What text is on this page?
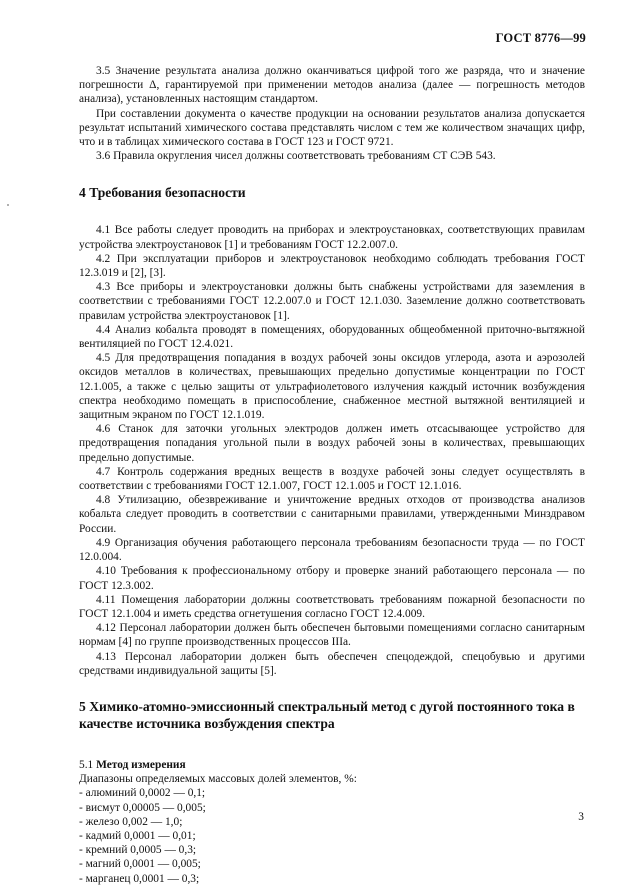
ГОСТ 8776—99

3.5 Значение результата анализа должно оканчиваться цифрой того же разряда, что и значение погрешности Δ, гарантируемой при применении методов анализа (далее — погрешность методов анализа), установленных настоящим стандартом.

При составлении документа о качестве продукции на основании результатов анализа допускается результат испытаний химического состава представлять числом с тем же количеством значащих цифр, что и в таблицах химического состава в ГОСТ 123 и ГОСТ 9721.

3.6 Правила округления чисел должны соответствовать требованиям СТ СЭВ 543.

4 Требования безопасности

4.1 Все работы следует проводить на приборах и электроустановках, соответствующих правилам устройства электроустановок [1] и требованиям ГОСТ 12.2.007.0.

4.2 При эксплуатации приборов и электроустановок необходимо соблюдать требования ГОСТ 12.3.019 и [2], [3].

4.3 Все приборы и электроустановки должны быть снабжены устройствами для заземления в соответствии с требованиями ГОСТ 12.2.007.0 и ГОСТ 12.1.030. Заземление должно соответствовать правилам устройства электроустановок [1].

4.4 Анализ кобальта проводят в помещениях, оборудованных общеобменной приточно-вытяжной вентиляцией по ГОСТ 12.4.021.

4.5 Для предотвращения попадания в воздух рабочей зоны оксидов углерода, азота и аэрозолей оксидов металлов в количествах, превышающих предельно допустимые концентрации по ГОСТ 12.1.005, а также с целью защиты от ультрафиолетового излучения каждый источник возбуждения спектра необходимо помещать в приспособление, снабженное местной вытяжной вентиляцией и защитным экраном по ГОСТ 12.1.019.

4.6 Станок для заточки угольных электродов должен иметь отсасывающее устройство для предотвращения попадания угольной пыли в воздух рабочей зоны в количествах, превышающих предельно допустимые.

4.7 Контроль содержания вредных веществ в воздухе рабочей зоны следует осуществлять в соответствии с требованиями ГОСТ 12.1.007, ГОСТ 12.1.005 и ГОСТ 12.1.016.

4.8 Утилизацию, обезвреживание и уничтожение вредных отходов от производства анализов кобальта следует проводить в соответствии с санитарными правилами, утвержденными Минздравом России.

4.9 Организация обучения работающего персонала требованиям безопасности труда — по ГОСТ 12.0.004.

4.10 Требования к профессиональному отбору и проверке знаний работающего персонала — по ГОСТ 12.3.002.

4.11 Помещения лаборатории должны соответствовать требованиям пожарной безопасности по ГОСТ 12.1.004 и иметь средства огнетушения согласно ГОСТ 12.4.009.

4.12 Персонал лаборатории должен быть обеспечен бытовыми помещениями согласно санитарным нормам [4] по группе производственных процессов IIIа.

4.13 Персонал лаборатории должен быть обеспечен спецодеждой, спецобувью и другими средствами индивидуальной защиты [5].

5 Химико-атомно-эмиссионный спектральный метод с дугой постоянного тока в качестве источника возбуждения спектра

5.1 Метод измерения

Диапазоны определяемых массовых долей элементов, %:

- алюминий 0,0002 — 0,1;
- висмут 0,00005 — 0,005;
- железо 0,002 — 1,0;
- кадмий 0,0001 — 0,01;
- кремний 0,0005 — 0,3;
- магний 0,0001 — 0,005;
- марганец 0,0001 — 0,3;
3
